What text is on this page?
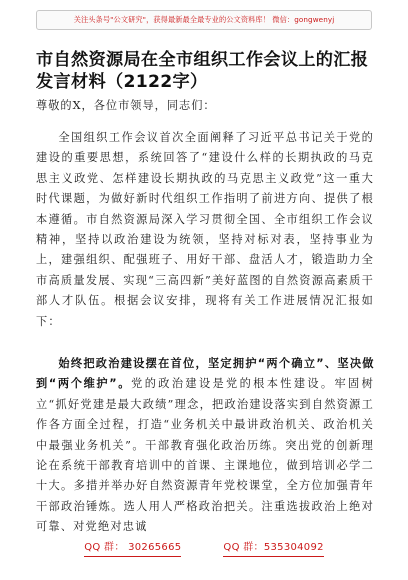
关注头条号"公文研究"，获得最新最全最专业的公文资料库！ 微信：gongwenyj
市自然资源局在全市组织工作会议上的汇报发言材料（2122字）
尊敬的X，各位市领导，同志们：
全国组织工作会议首次全面阐释了习近平总书记关于党的建设的重要思想，系统回答了“建设什么样的长期执政的马克思主义政党、怎样建设长期执政的马克思主义政党”这一重大时代课题，为做好新时代组织工作指明了前进方向、提供了根本遵循。市自然资源局深入学习贯彻全国、全市组织工作会议精神，坚持以政治建设为统领，坚持对标对表，坚持事业为上，建强组织、配强班子、用好干部、盘活人才，锻造助力全市高质量发展、实现“三高四新”美好蓝图的自然资源高素质干部人才队伍。根据会议安排，现将有关工作进展情况汇报如下：
始终把政治建设摆在首位，坚定拥护“两个确立”、坚决做到“两个维护”。党的政治建设是党的根本性建设。牢固树立“抓好党建是最大政绩”理念，把政治建设落实到自然资源工作各方面全过程，打造“业务机关中最讲政治机关、政治机关中最强业务机关”。干部教育强化政治历练。突出党的创新理论在系统干部教育培训中的首课、主课地位，做到培训必学二十大。多措并举办好自然资源青年党校课堂，全方位加强青年干部政治锤炼。选人用人严格政治把关。注重选拔政治上绝对可靠、对党绝对忠诚
QQ 群： 30265665	QQ 群：535304092
